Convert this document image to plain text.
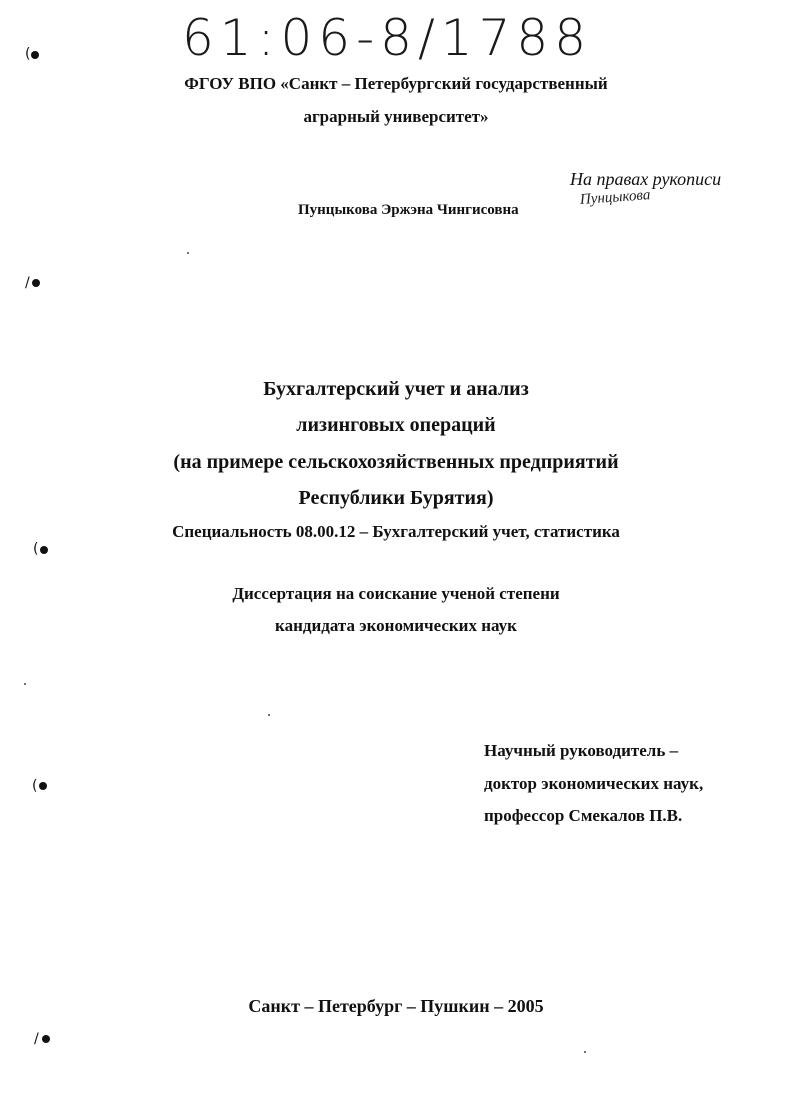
61:06-8/1788
(
/
(
(
/
ФГОУ ВПО «Санкт – Петербургский государственный
аграрный университет»
На правах рукописи
Пунцыкова
Пунцыкова Эржэна Чингисовна
Бухгалтерский учет и анализ
лизинговых операций
(на примере сельскохозяйственных предприятий
Республики Бурятия)
Специальность 08.00.12 – Бухгалтерский учет, статистика
Диссертация на соискание ученой степени
кандидата экономических наук
Научный руководитель –
доктор экономических наук,
профессор Смекалов П.В.
Санкт – Петербург – Пушкин – 2005
